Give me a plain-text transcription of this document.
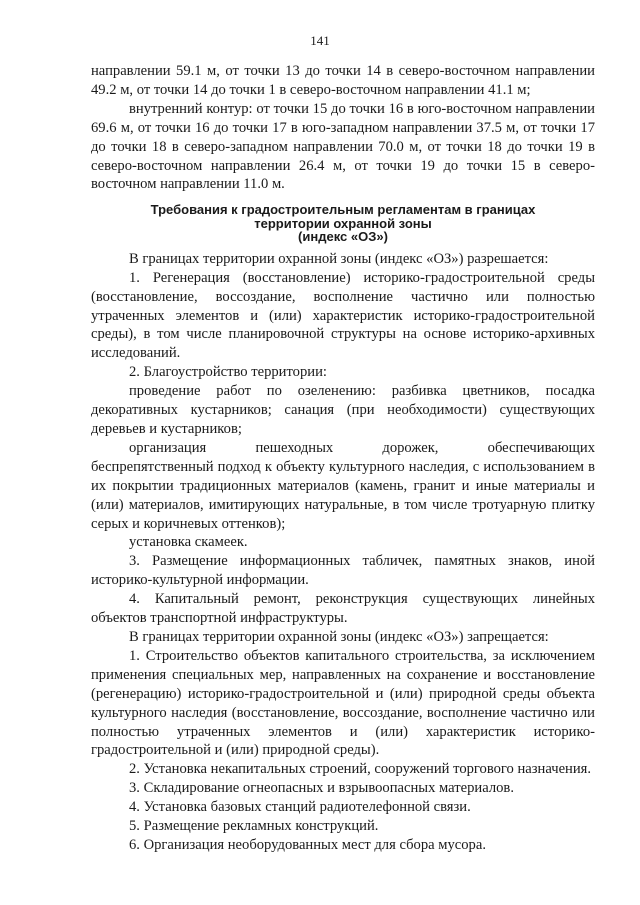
141

направлении 59.1 м, от точки 13 до точки 14 в северо-восточном направлении 49.2 м, от точки 14 до точки 1 в северо-восточном направлении 41.1 м;

внутренний контур: от точки 15 до точки 16 в юго-восточном направлении 69.6 м, от точки 16 до точки 17 в юго-западном направлении 37.5 м, от точки 17 до точки 18 в северо-западном направлении 70.0 м, от точки 18 до точки 19 в северо-восточном направлении 26.4 м, от точки 19 до точки 15 в северо-восточном направлении 11.0 м.

Требования к градостроительным регламентам в границах
территории охранной зоны
(индекс «ОЗ»)

В границах территории охранной зоны (индекс «ОЗ») разрешается:

1. Регенерация (восстановление) историко-градостроительной среды (восстановление, воссоздание, восполнение частично или полностью утраченных элементов и (или) характеристик историко-градостроительной среды), в том числе планировочной структуры на основе историко-архивных исследований.

2. Благоустройство территории:

проведение работ по озеленению: разбивка цветников, посадка декоративных кустарников; санация (при необходимости) существующих деревьев и кустарников;

организация пешеходных дорожек, обеспечивающих

беспрепятственный подход к объекту культурного наследия, с использованием в их покрытии традиционных материалов (камень, гранит и иные материалы и (или) материалов, имитирующих натуральные, в том числе тротуарную плитку серых и коричневых оттенков);

установка скамеек.

3. Размещение информационных табличек, памятных знаков, иной историко-культурной информации.

4. Капитальный ремонт, реконструкция существующих линейных объектов транспортной инфраструктуры.

В границах территории охранной зоны (индекс «ОЗ») запрещается:

1. Строительство объектов капитального строительства, за исключением применения специальных мер, направленных на сохранение и восстановление (регенерацию) историко-градостроительной и (или) природной среды объекта культурного наследия (восстановление, воссоздание, восполнение частично или полностью утраченных элементов и (или) характеристик историко-градостроительной и (или) природной среды).

2. Установка некапитальных строений, сооружений торгового назначения.

3. Складирование огнеопасных и взрывоопасных материалов.

4. Установка базовых станций радиотелефонной связи.

5. Размещение рекламных конструкций.

6. Организация необорудованных мест для сбора мусора.
